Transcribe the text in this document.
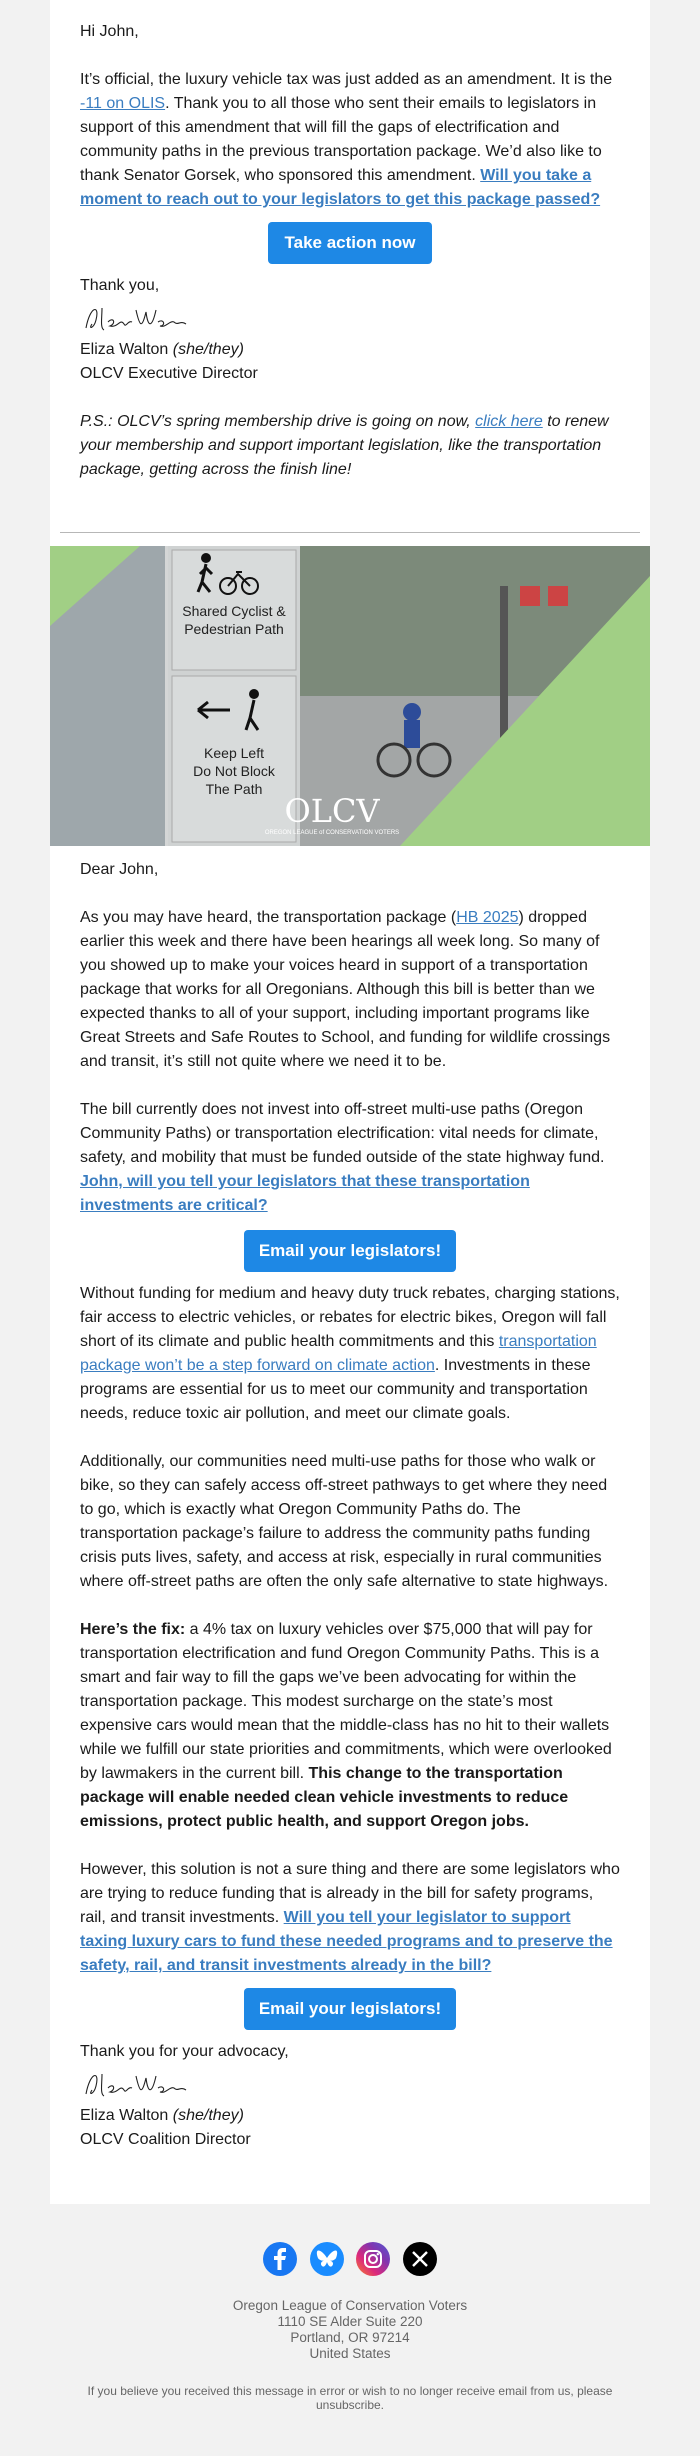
Hi John,

It’s official, the luxury vehicle tax was just added as an amendment. It is the -11 on OLIS. Thank you to all those who sent their emails to legislators in support of this amendment that will fill the gaps of electrification and community paths in the previous transportation package. We’d also like to thank Senator Gorsek, who sponsored this amendment. Will you take a moment to reach out to your legislators to get this package passed?

Take action now

Thank you,

Eliza Walton (she/they)

OLCV Executive Director

P.S.: OLCV’s spring membership drive is going on now, click here to renew your membership and support important legislation, like the transportation package, getting across the finish line!

Shared Cyclist &
Pedestrian Path
Keep Left
Do Not Block
The Path
OLCV
OREGON LEAGUE of CONSERVATION VOTERS

Dear John,

As you may have heard, the transportation package (HB 2025) dropped earlier this week and there have been hearings all week long. So many of you showed up to make your voices heard in support of a transportation package that works for all Oregonians. Although this bill is better than we expected thanks to all of your support, including important programs like Great Streets and Safe Routes to School, and funding for wildlife crossings and transit, it’s still not quite where we need it to be.

The bill currently does not invest into off-street multi-use paths (Oregon Community Paths) or transportation electrification: vital needs for climate, safety, and mobility that must be funded outside of the state highway fund. John, will you tell your legislators that these transportation investments are critical?

Email your legislators!

Without funding for medium and heavy duty truck rebates, charging stations, fair access to electric vehicles, or rebates for electric bikes, Oregon will fall short of its climate and public health commitments and this transportation package won’t be a step forward on climate action. Investments in these programs are essential for us to meet our community and transportation needs, reduce toxic air pollution, and meet our climate goals.

Additionally, our communities need multi-use paths for those who walk or bike, so they can safely access off-street pathways to get where they need to go, which is exactly what Oregon Community Paths do. The transportation package’s failure to address the community paths funding crisis puts lives, safety, and access at risk, especially in rural communities where off-street paths are often the only safe alternative to state highways.

Here’s the fix: a 4% tax on luxury vehicles over $75,000 that will pay for transportation electrification and fund Oregon Community Paths. This is a smart and fair way to fill the gaps we’ve been advocating for within the transportation package. This modest surcharge on the state’s most expensive cars would mean that the middle-class has no hit to their wallets while we fulfill our state priorities and commitments, which were overlooked by lawmakers in the current bill. This change to the transportation package will enable needed clean vehicle investments to reduce emissions, protect public health, and support Oregon jobs.

However, this solution is not a sure thing and there are some legislators who are trying to reduce funding that is already in the bill for safety programs, rail, and transit investments. Will you tell your legislator to support taxing luxury cars to fund these needed programs and to preserve the safety, rail, and transit investments already in the bill?

Email your legislators!

Thank you for your advocacy,

Eliza Walton (she/they)

OLCV Coalition Director

Oregon League of Conservation Voters
1110 SE Alder Suite 220
Portland, OR 97214
United States
If you believe you received this message in error or wish to no longer receive email from us, please unsubscribe.
